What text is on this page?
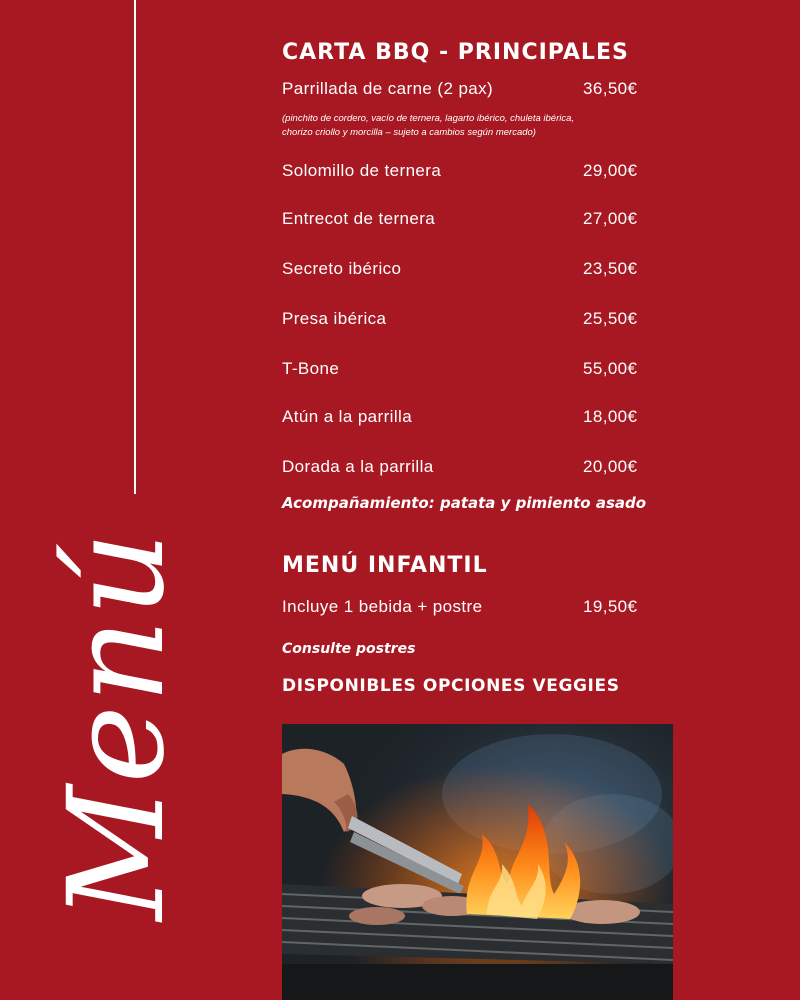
Menú
CARTA BBQ - PRINCIPALES
Parrillada de carne (2 pax)	36,50€
(pinchito de cordero, vacío de ternera, lagarto ibérico, chuleta ibérica,
chorizo criollo y morcilla – sujeto a cambios según mercado)
Solomillo de ternera	29,00€
Entrecot de ternera	27,00€
Secreto ibérico	23,50€
Presa ibérica	25,50€
T-Bone	55,00€
Atún a la parrilla	18,00€
Dorada a la parrilla	20,00€
Acompañamiento: patata y pimiento asado
MENÚ INFANTIL
Incluye 1 bebida + postre	19,50€
Consulte postres
DISPONIBLES OPCIONES VEGGIES
